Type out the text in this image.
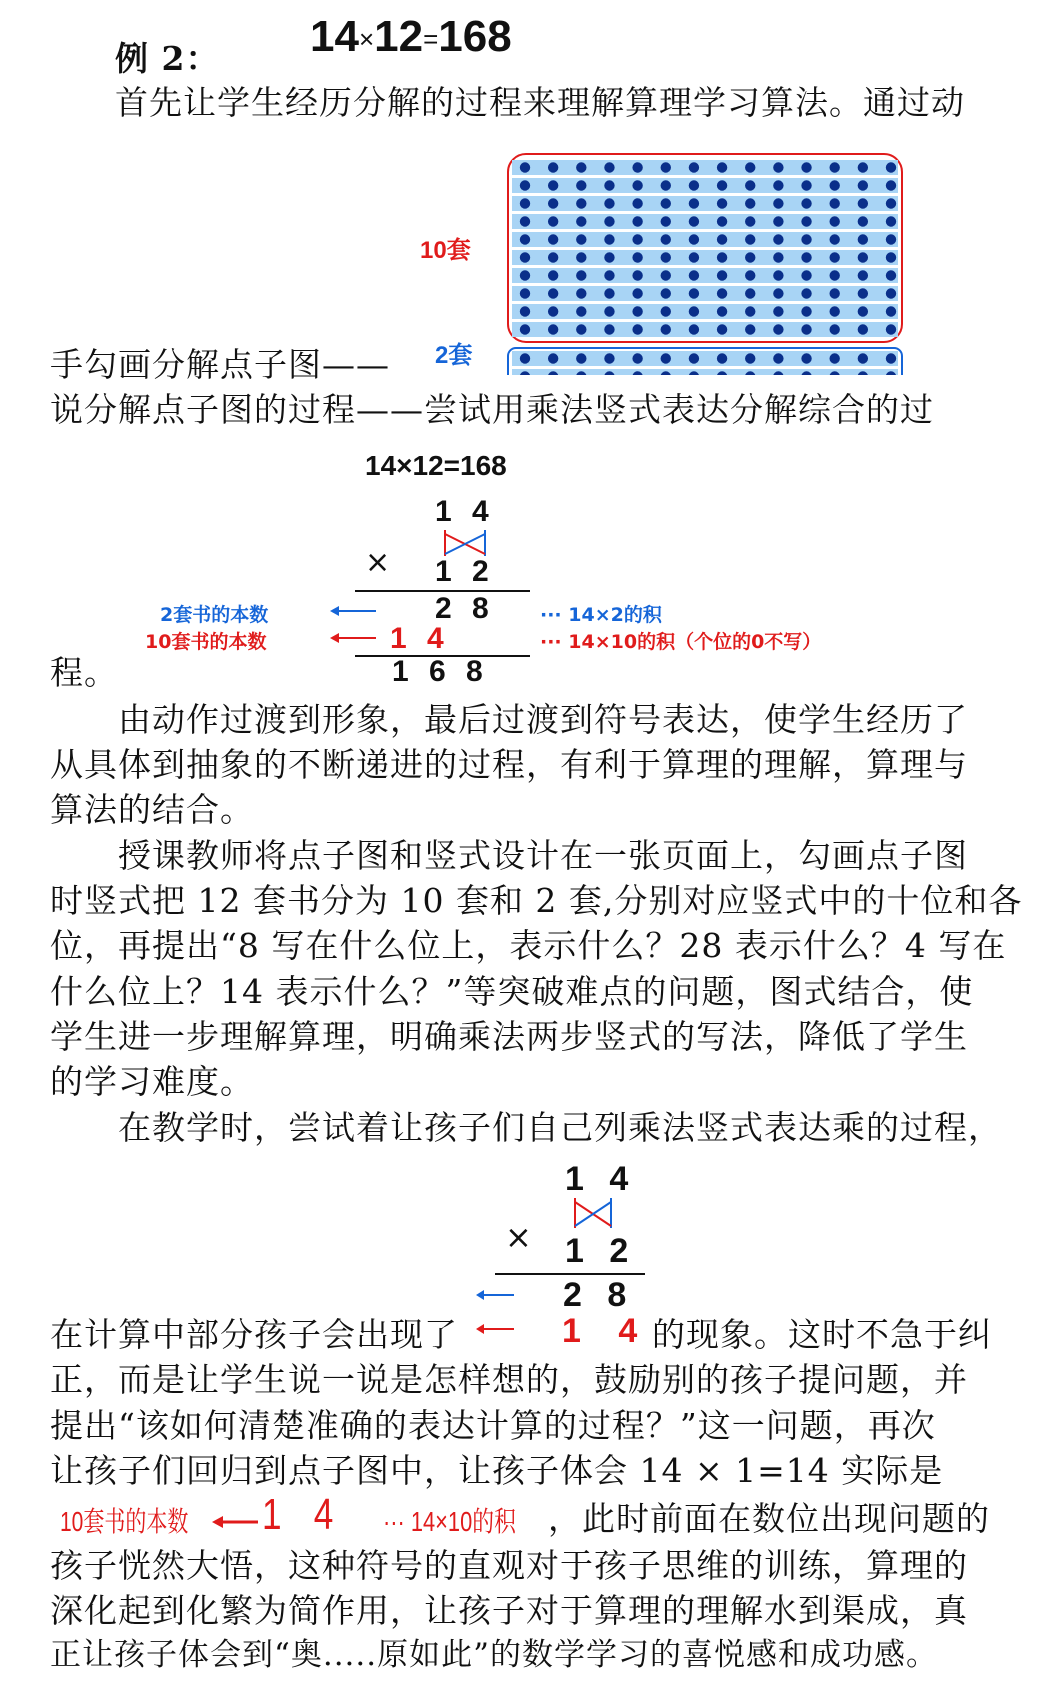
例 2： 14×12=168
首先让学生经历分解的过程来理解算理学习算法。通过动
10套
2套
手勾画分解点子图——
说分解点子图的过程——尝试用乘法竖式表达分解综合的过
14×12=168
1 4
× 1 2
2 8
1 4
1 6 8
2套书的本数
10套书的本数
··· 14×2的积
··· 14×10的积（个位的0不写）
程。
由动作过渡到形象，最后过渡到符号表达，使学生经历了
从具体到抽象的不断递进的过程，有利于算理的理解，算理与
算法的结合。
授课教师将点子图和竖式设计在一张页面上，勾画点子图
时竖式把 12 套书分为 10 套和 2 套,分别对应竖式中的十位和各
位，再提出“8 写在什么位上，表示什么？28 表示什么？4 写在
什么位上？14 表示什么？”等突破难点的问题，图式结合，使
学生进一步理解算理，明确乘法两步竖式的写法，降低了学生
的学习难度。
在教学时，尝试着让孩子们自己列乘法竖式表达乘的过程，
1 4
× 1 2
2 8
在计算中部分孩子会出现了	1 4 的现象。这时不急于纠
正，而是让学生说一说是怎样想的，鼓励别的孩子提问题，并
提出“该如何清楚准确的表达计算的过程？”这一问题，再次
让孩子们回归到点子图中，让孩子体会 14 × 1=14 实际是
10套书的本数 1 4 ··· 14×10的积 ，此时前面在数位出现问题的
孩子恍然大悟，这种符号的直观对于孩子思维的训练，算理的
深化起到化繁为简作用，让孩子对于算理的理解水到渠成，真
正让孩子体会到“奥.....原如此”的数学学习的喜悦感和成功感。
